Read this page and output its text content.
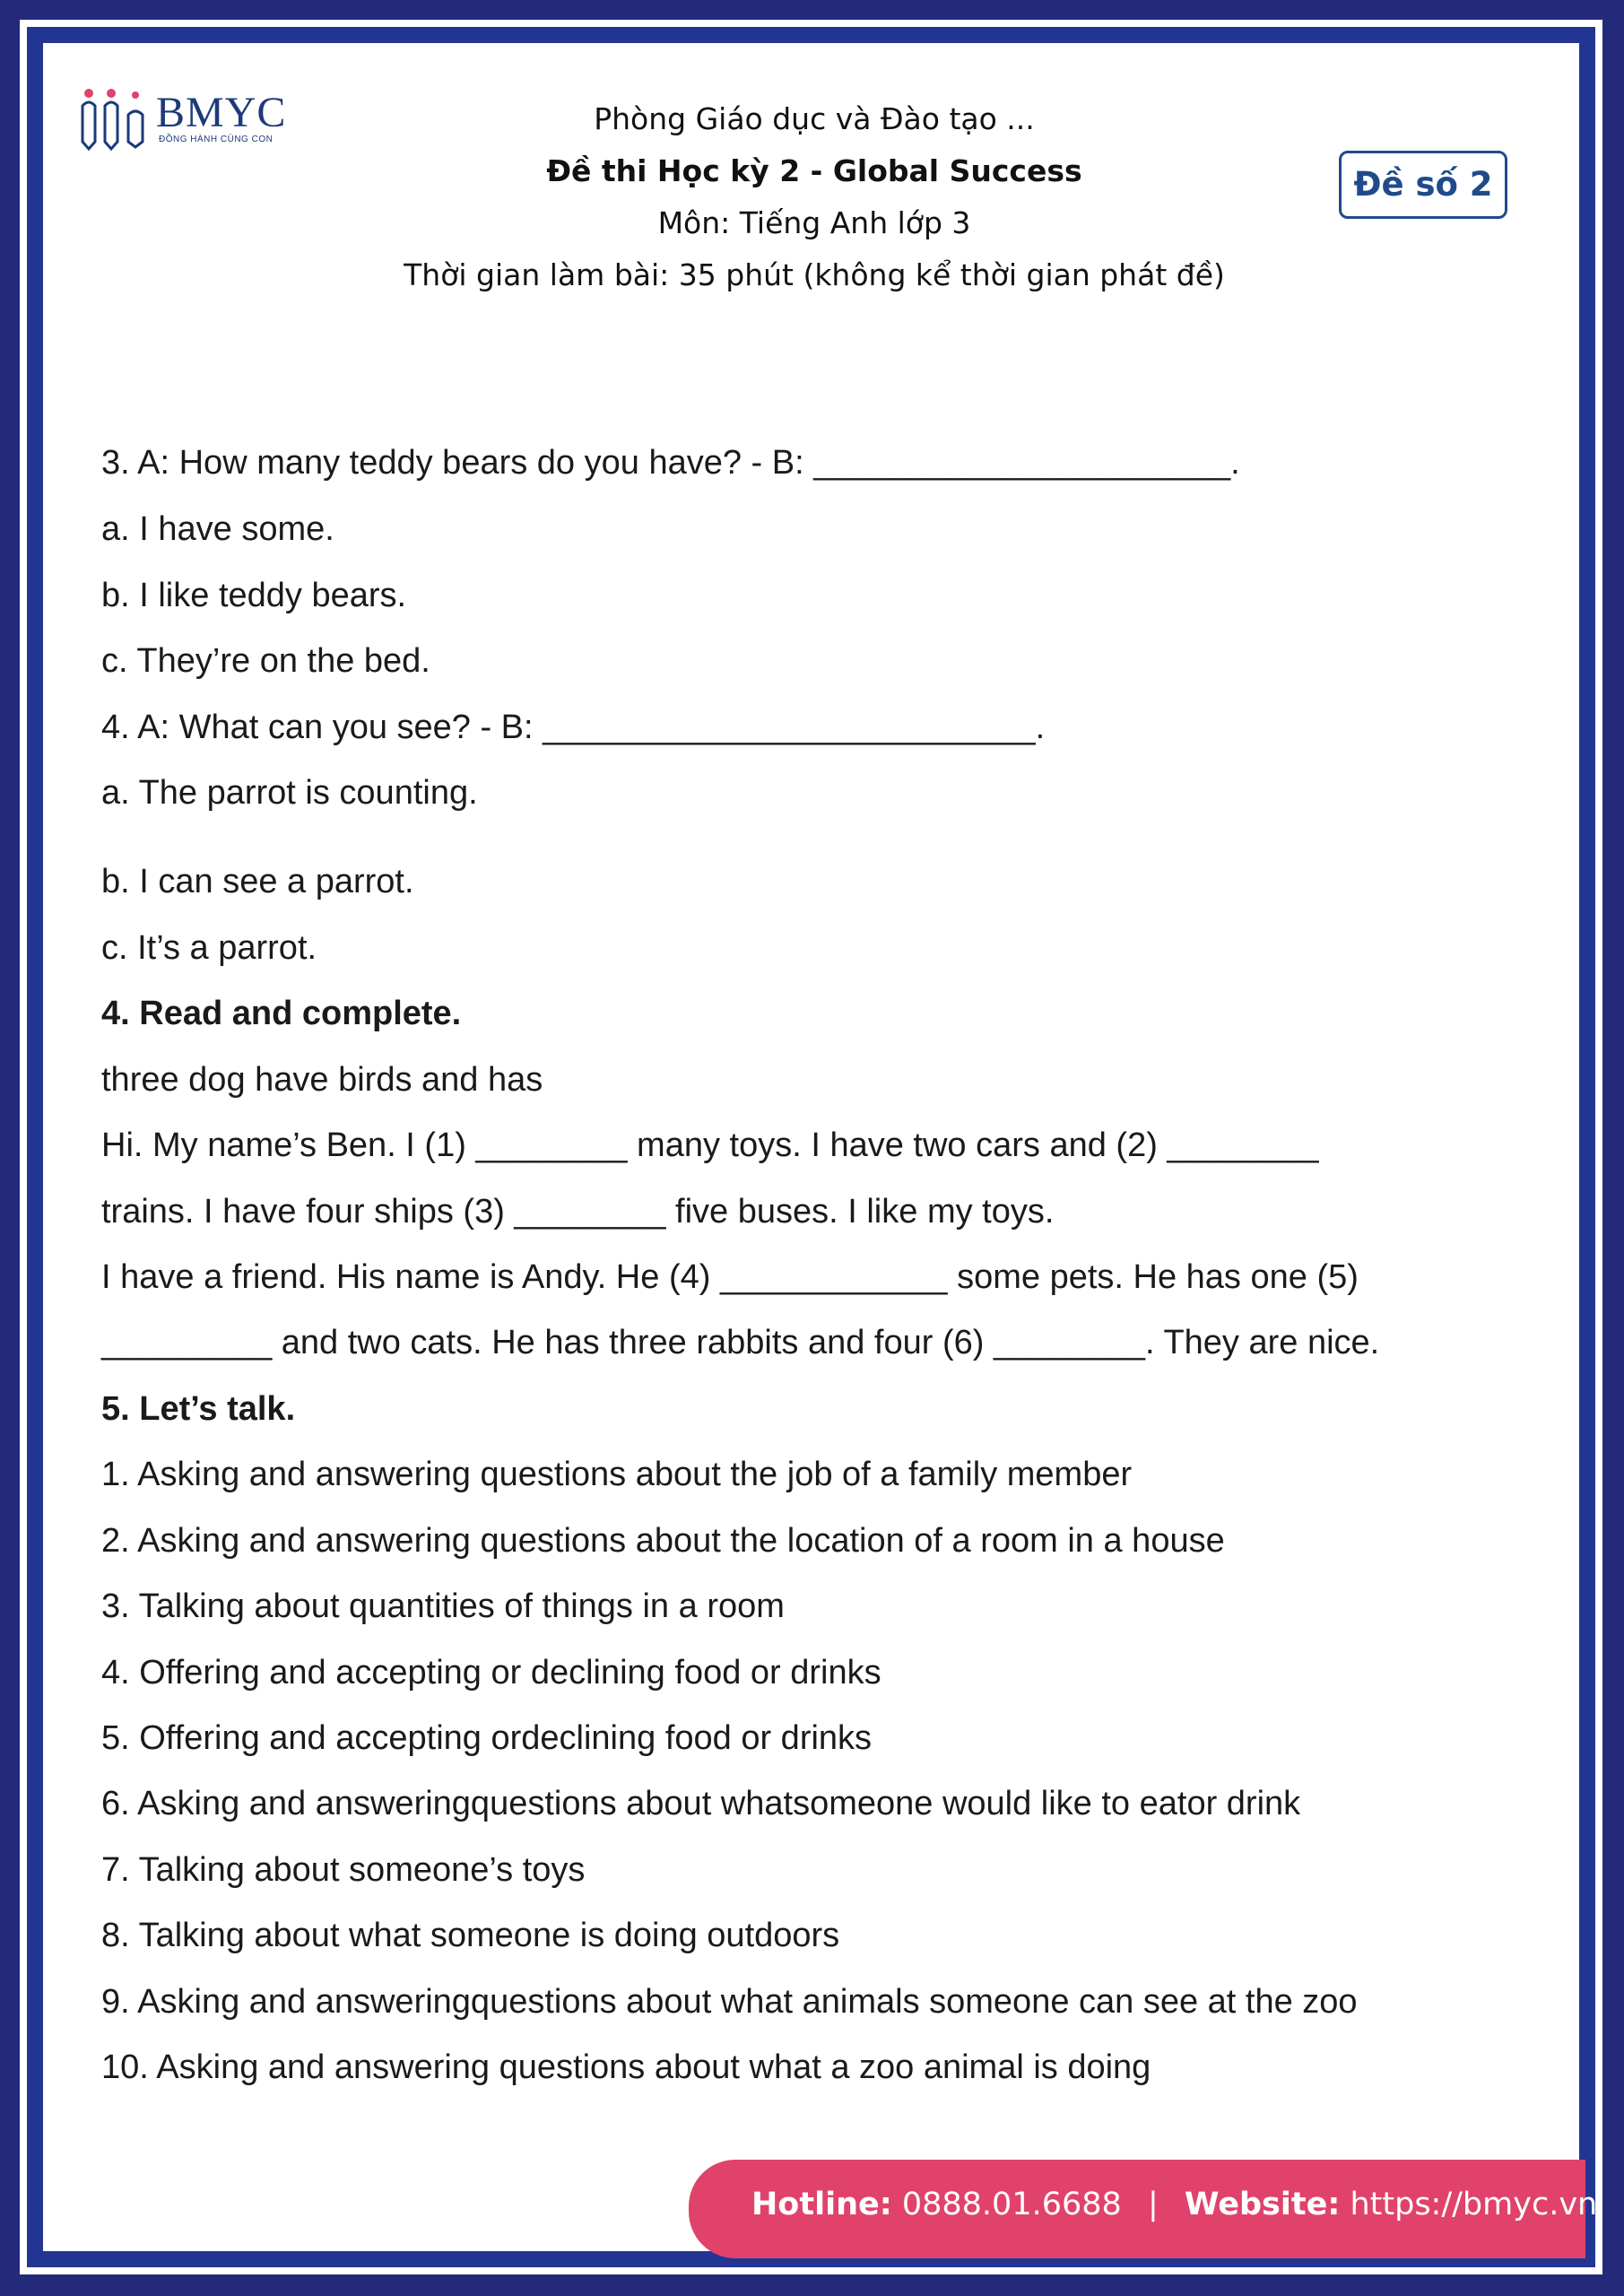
BMYC
ĐỒNG HÀNH CÙNG CON
Phòng Giáo dục và Đào tạo ...
Đề thi Học kỳ 2 - Global Success
Môn: Tiếng Anh lớp 3
Thời gian làm bài: 35 phút (không kể thời gian phát đề)
Đề số 2
3. A: How many teddy bears do you have? - B: ______________________.
a. I have some.
b. I like teddy bears.
c. They’re on the bed.
4. A: What can you see? - B: __________________________.
a. The parrot is counting.
b. I can see a parrot.
c. It’s a parrot.
4. Read and complete.
three dog have birds and has
Hi. My name’s Ben. I (1) ________ many toys. I have two cars and (2) ________
trains. I have four ships (3) ________ five buses. I like my toys.
I have a friend. His name is Andy. He (4) ____________ some pets. He has one (5)
_________ and two cats. He has three rabbits and four (6) ________. They are nice.
5. Let’s talk.
1. Asking and answering questions about the job of a family member
2. Asking and answering questions about the location of a room in a house
3. Talking about quantities of things in a room
4. Offering and accepting or declining food or drinks
5. Offering and accepting ordeclining food or drinks
6. Asking and answeringquestions about whatsomeone would like to eator drink
7. Talking about someone’s toys
8. Talking about what someone is doing outdoors
9. Asking and answeringquestions about what animals someone can see at the zoo
10. Asking and answering questions about what a zoo animal is doing
Hotline: 0888.01.6688 | Website: https://bmyc.vn
